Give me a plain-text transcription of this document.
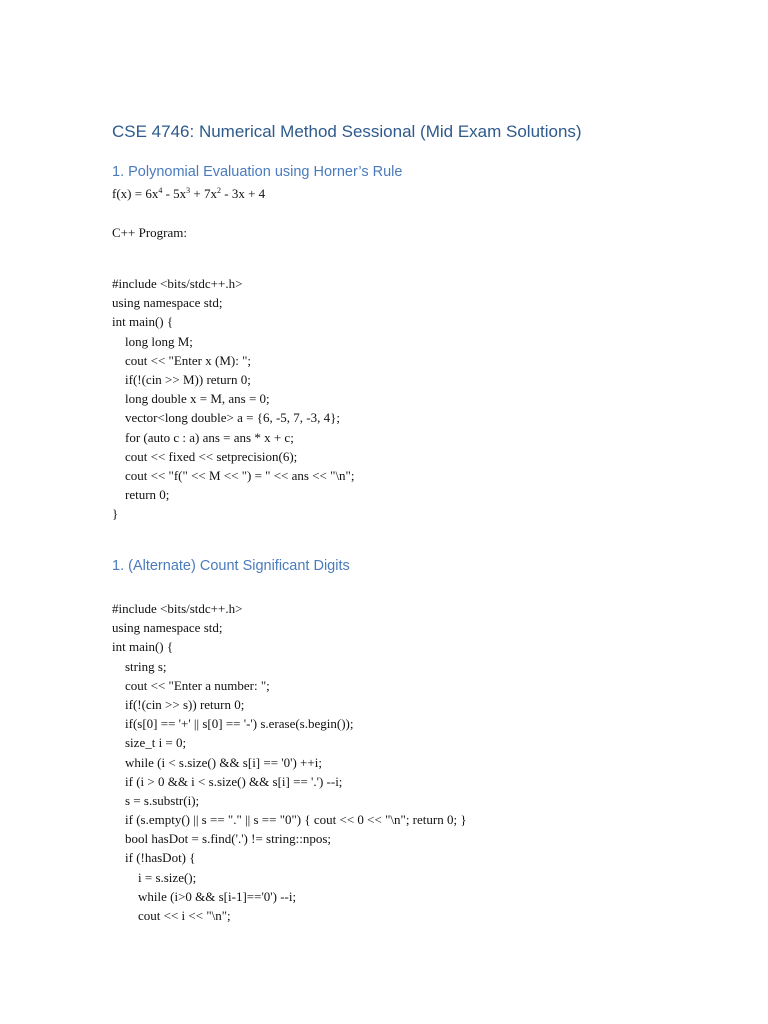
CSE 4746: Numerical Method Sessional (Mid Exam Solutions)
1. Polynomial Evaluation using Horner’s Rule
$f(x) = 6x^4 - 5x^3 + 7x^2 - 3x + 4$
C++ Program:
#include <bits/stdc++.h>
using namespace std;
int main() {
long long M;
cout << "Enter x (M): ";
if(!(cin >> M)) return 0;
long double x = M, ans = 0;
vector<long double> a = {6, -5, 7, -3, 4};
for (auto c : a) ans = ans * x + c;
cout << fixed << setprecision(6);
cout << "f(" << M << ") = " << ans << "\n";
return 0;
}
1. (Alternate) Count Significant Digits
#include <bits/stdc++.h>
using namespace std;
int main() {
string s;
cout << "Enter a number: ";
if(!(cin >> s)) return 0;
if(s[0] == '+' || s[0] == '-') s.erase(s.begin());
size_t i = 0;
while (i < s.size() && s[i] == '0') ++i;
if (i > 0 && i < s.size() && s[i] == '.') --i;
s = s.substr(i);
if (s.empty() || s == "." || s == "0") { cout << 0 << "\n"; return 0; }
bool hasDot = s.find('.') != string::npos;
if (!hasDot) {
i = s.size();
while (i>0 && s[i-1]=='0') --i;
cout << i << "\n";
